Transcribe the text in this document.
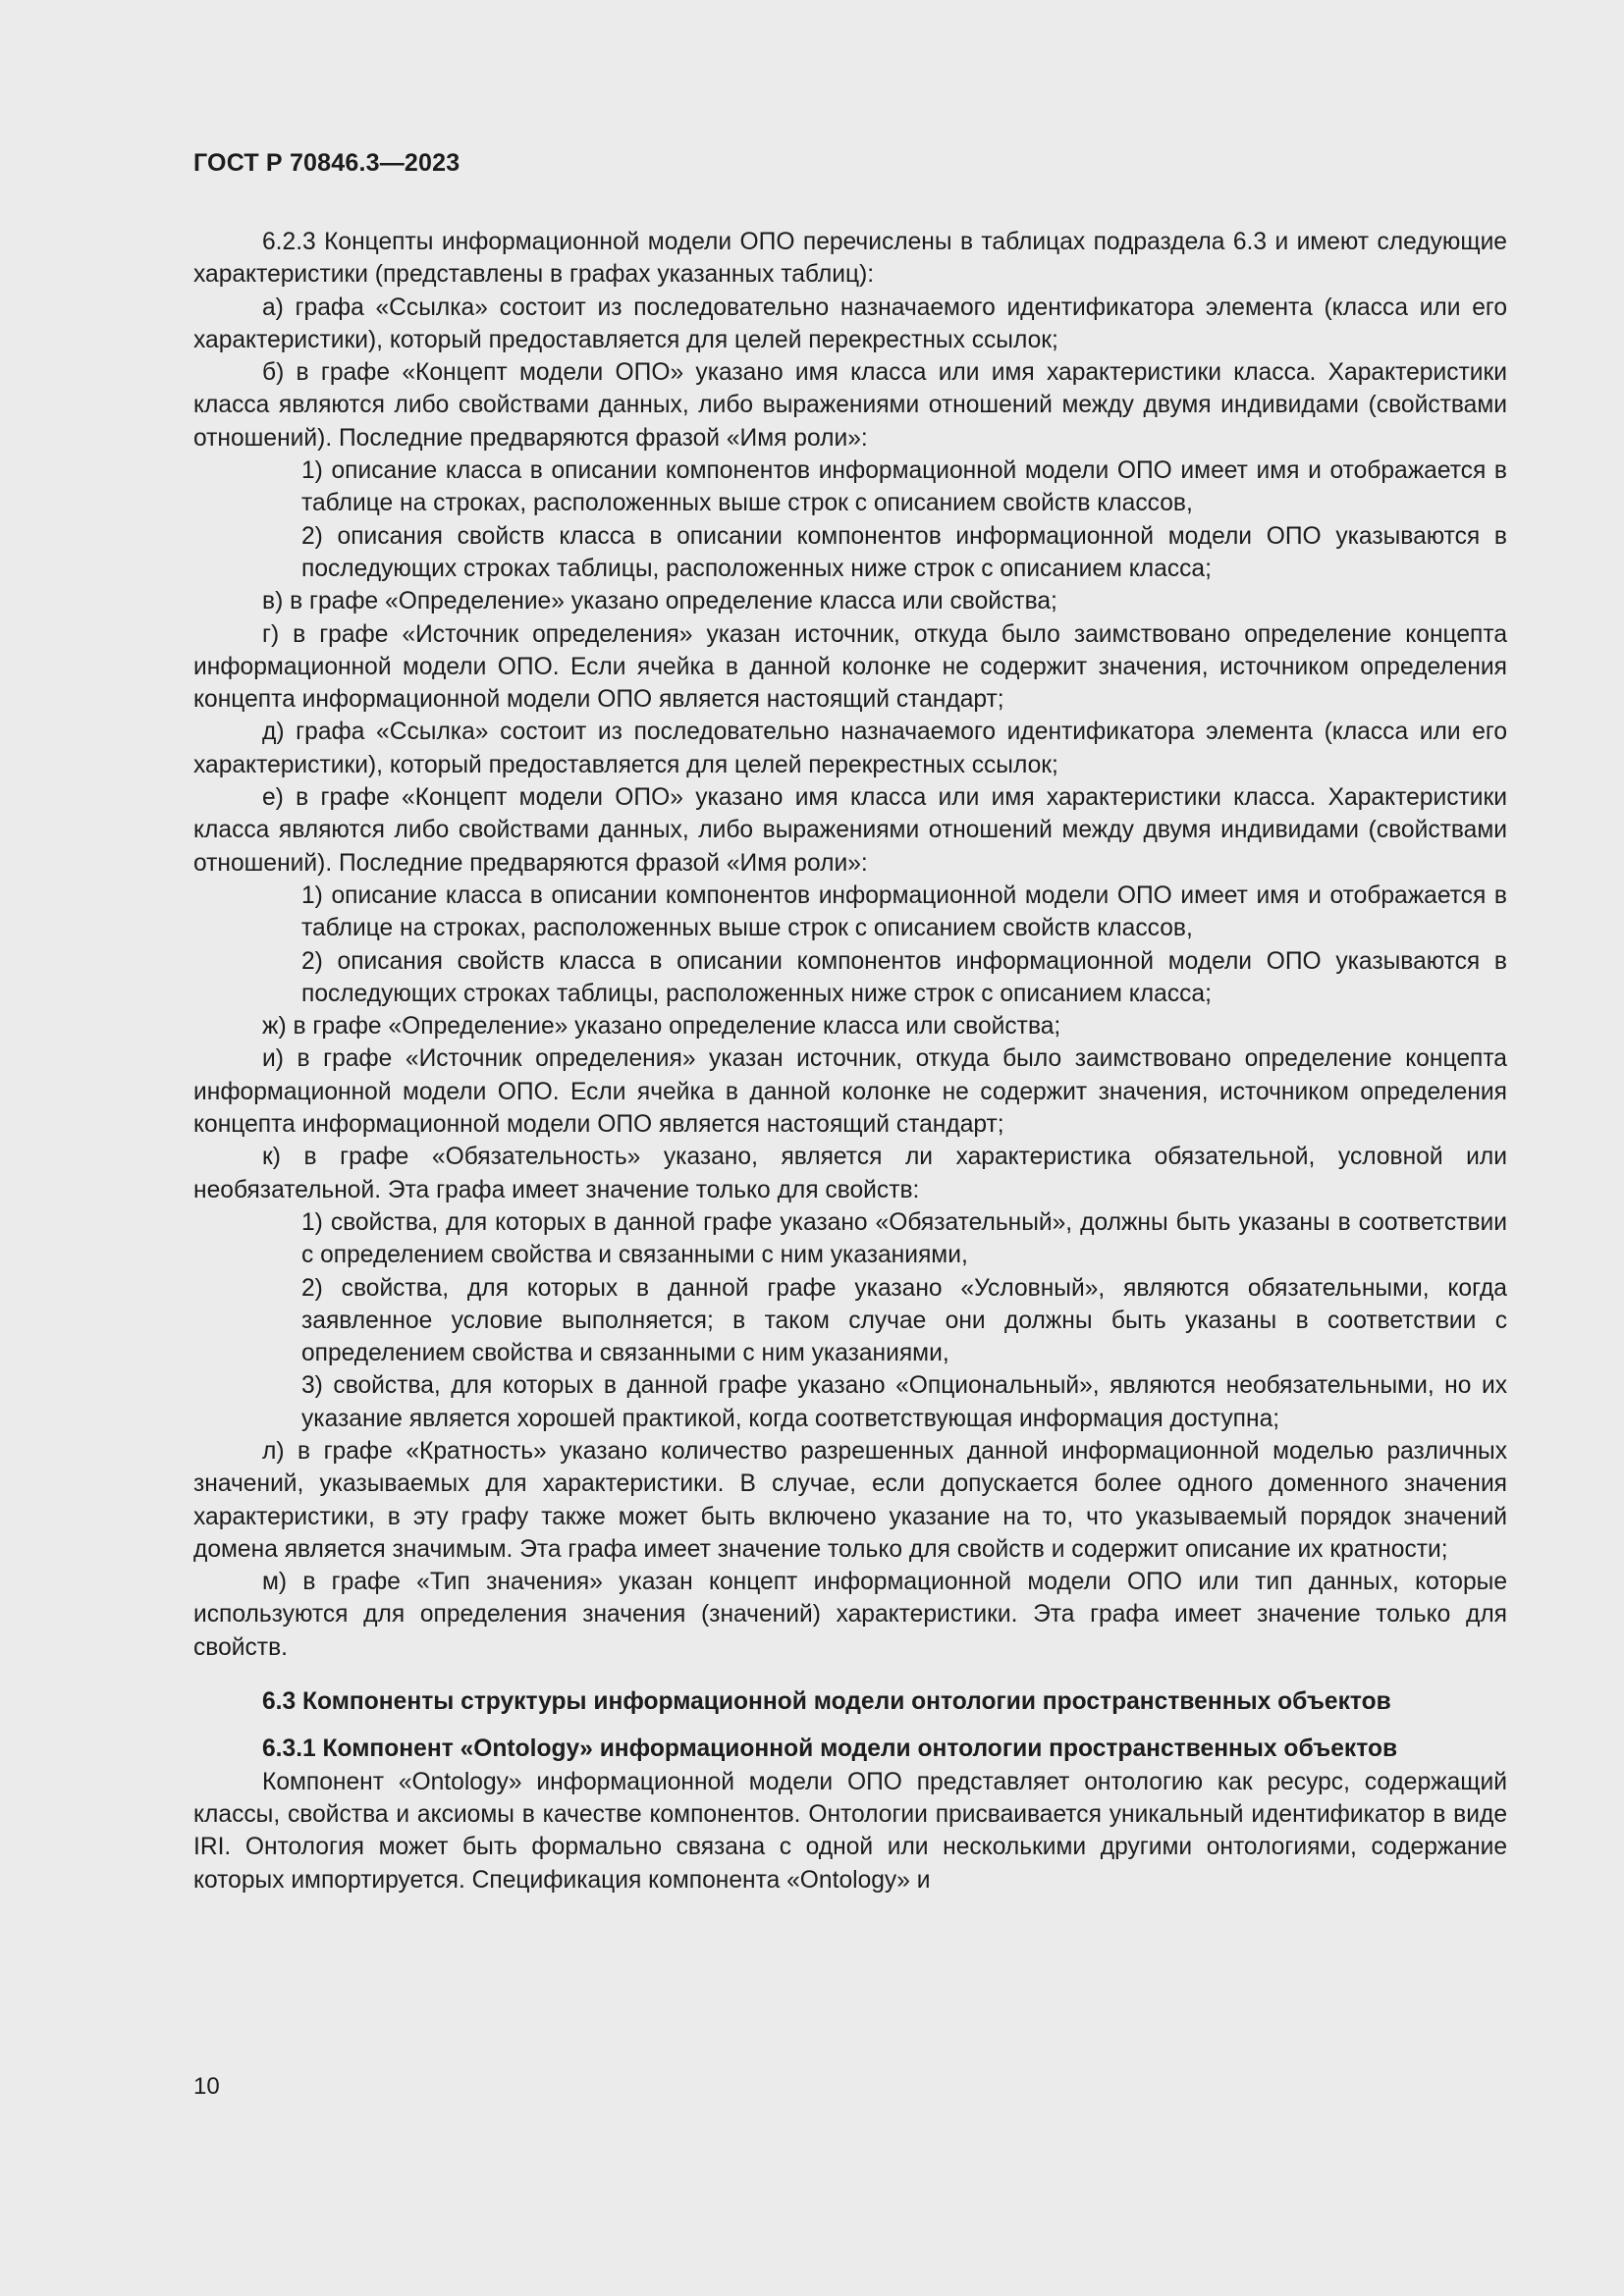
ГОСТ Р 70846.3—2023

6.2.3 Концепты информационной модели ОПО перечислены в таблицах подраздела 6.3 и имеют следующие характеристики (представлены в графах указанных таблиц):

а) графа «Ссылка» состоит из последовательно назначаемого идентификатора элемента (класса или его характеристики), который предоставляется для целей перекрестных ссылок;

б) в графе «Концепт модели ОПО» указано имя класса или имя характеристики класса. Характеристики класса являются либо свойствами данных, либо выражениями отношений между двумя индивидами (свойствами отношений). Последние предваряются фразой «Имя роли»:

1) описание класса в описании компонентов информационной модели ОПО имеет имя и отображается в таблице на строках, расположенных выше строк с описанием свойств классов,

2) описания свойств класса в описании компонентов информационной модели ОПО указываются в последующих строках таблицы, расположенных ниже строк с описанием класса;

в) в графе «Определение» указано определение класса или свойства;

г) в графе «Источник определения» указан источник, откуда было заимствовано определение концепта информационной модели ОПО. Если ячейка в данной колонке не содержит значения, источником определения концепта информационной модели ОПО является настоящий стандарт;

д) графа «Ссылка» состоит из последовательно назначаемого идентификатора элемента (класса или его характеристики), который предоставляется для целей перекрестных ссылок;

е) в графе «Концепт модели ОПО» указано имя класса или имя характеристики класса. Характеристики класса являются либо свойствами данных, либо выражениями отношений между двумя индивидами (свойствами отношений). Последние предваряются фразой «Имя роли»:

1) описание класса в описании компонентов информационной модели ОПО имеет имя и отображается в таблице на строках, расположенных выше строк с описанием свойств классов,

2) описания свойств класса в описании компонентов информационной модели ОПО указываются в последующих строках таблицы, расположенных ниже строк с описанием класса;

ж) в графе «Определение» указано определение класса или свойства;

и) в графе «Источник определения» указан источник, откуда было заимствовано определение концепта информационной модели ОПО. Если ячейка в данной колонке не содержит значения, источником определения концепта информационной модели ОПО является настоящий стандарт;

к) в графе «Обязательность» указано, является ли характеристика обязательной, условной или необязательной. Эта графа имеет значение только для свойств:

1) свойства, для которых в данной графе указано «Обязательный», должны быть указаны в соответствии с определением свойства и связанными с ним указаниями,

2) свойства, для которых в данной графе указано «Условный», являются обязательными, когда заявленное условие выполняется; в таком случае они должны быть указаны в соответствии с определением свойства и связанными с ним указаниями,

3) свойства, для которых в данной графе указано «Опциональный», являются необязательными, но их указание является хорошей практикой, когда соответствующая информация доступна;

л) в графе «Кратность» указано количество разрешенных данной информационной моделью различных значений, указываемых для характеристики. В случае, если допускается более одного доменного значения характеристики, в эту графу также может быть включено указание на то, что указываемый порядок значений домена является значимым. Эта графа имеет значение только для свойств и содержит описание их кратности;

м) в графе «Тип значения» указан концепт информационной модели ОПО или тип данных, которые используются для определения значения (значений) характеристики. Эта графа имеет значение только для свойств.

6.3 Компоненты структуры информационной модели онтологии пространственных объектов

6.3.1 Компонент «Ontology» информационной модели онтологии пространственных объектов

Компонент «Ontology» информационной модели ОПО представляет онтологию как ресурс, содержащий классы, свойства и аксиомы в качестве компонентов. Онтологии присваивается уникальный идентификатор в виде IRI. Онтология может быть формально связана с одной или несколькими другими онтологиями, содержание которых импортируется. Спецификация компонента «Ontology» и

10
